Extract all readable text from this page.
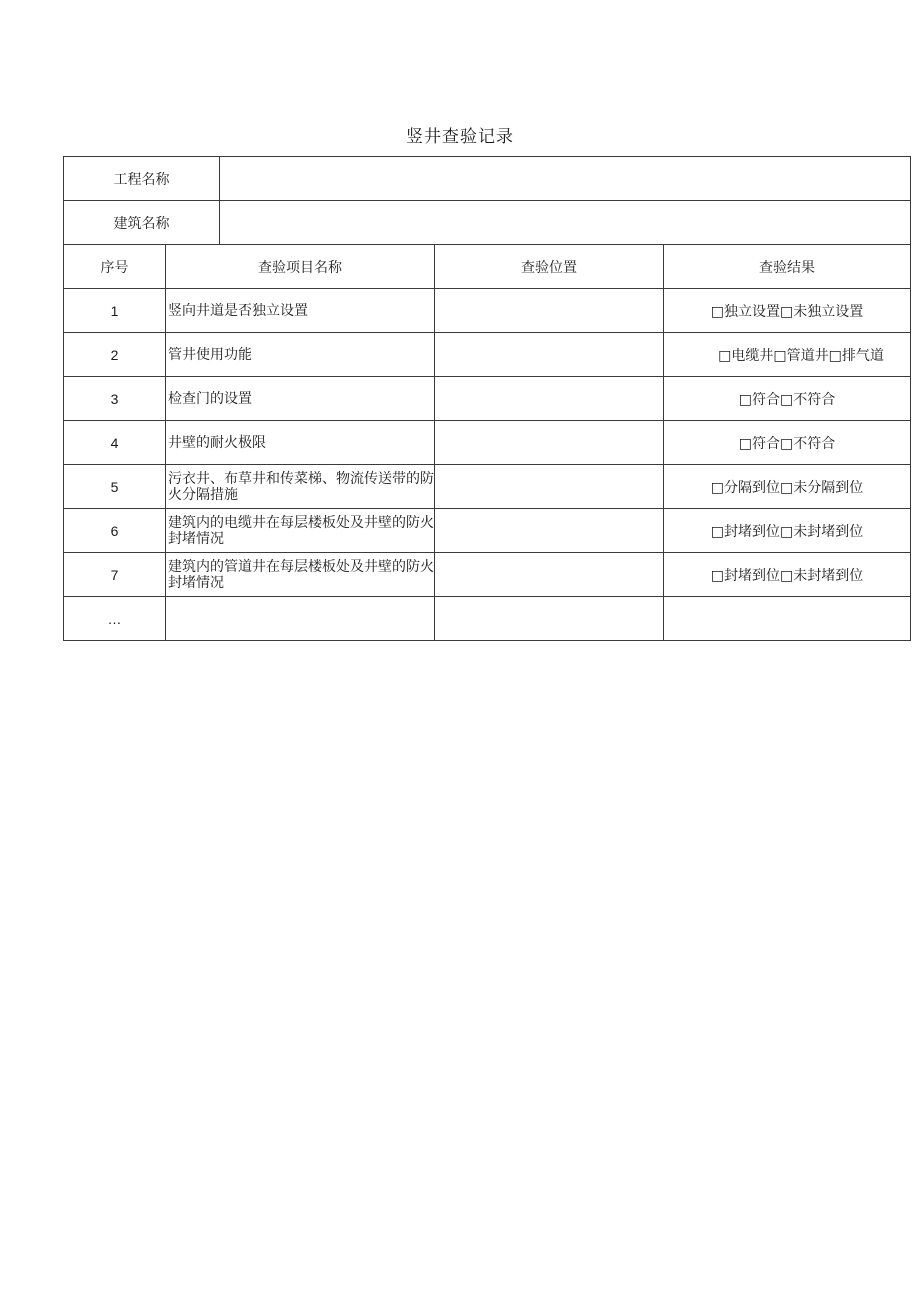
竖井查验记录
工程名称				
建筑名称				
序号	查验项目名称		查验位置	查验结果
1	竖向井道是否独立设置			□独立设置□未独立设置
2	管井使用功能			□电缆井□管道井□排气道
3	检查门的设置			□符合□不符合
4	井壁的耐火极限			□符合□不符合
5	污衣井、布草井和传菜梯、物流传送带的防火分隔措施			□分隔到位□未分隔到位
6	建筑内的电缆井在每层楼板处及井壁的防火封堵情况			□封堵到位□未封堵到位
7	建筑内的管道井在每层楼板处及井壁的防火封堵情况			□封堵到位□未封堵到位
…				
